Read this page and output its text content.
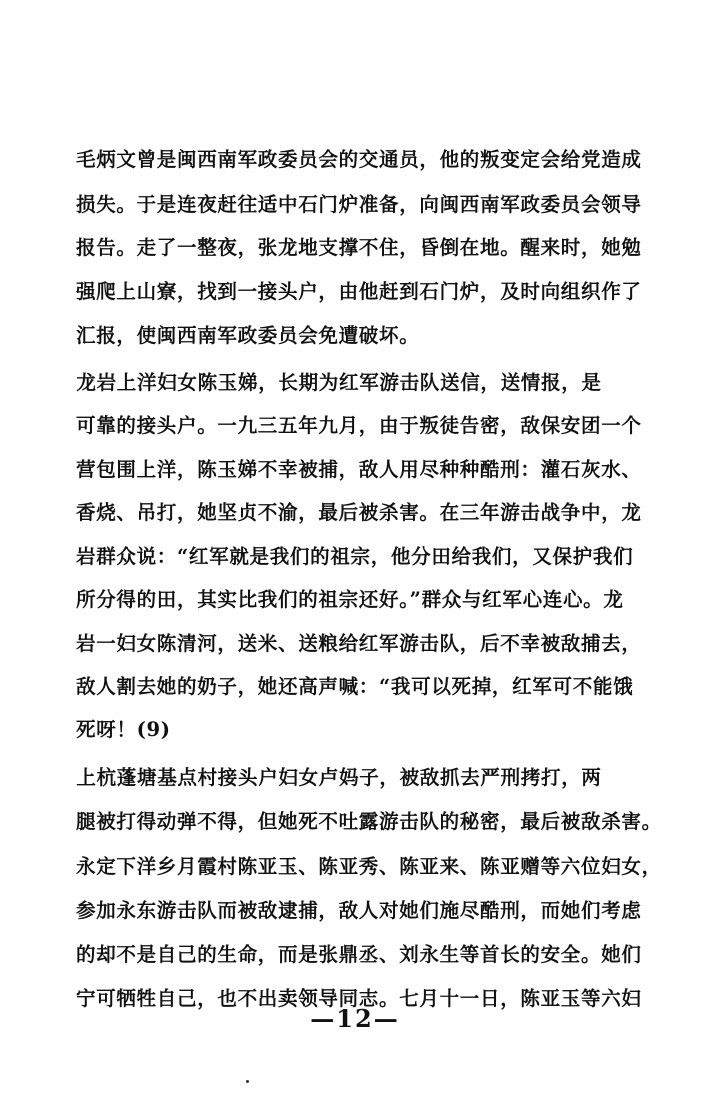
毛炳文曾是闽西南军政委员会的交通员，他的叛变定会给党造成
损失。于是连夜赶往适中石门炉准备，向闽西南军政委员会领导
报告。走了一整夜，张龙地支撑不住，昏倒在地。醒来时，她勉
强爬上山寮，找到一接头户，由他赶到石门炉，及时向组织作了
汇报，使闽西南军政委员会免遭破坏。
　　龙岩上洋妇女陈玉娣，长期为红军游击队送信，送情报，是
可靠的接头户。一九三五年九月，由于叛徒告密，敌保安团一个
营包围上洋，陈玉娣不幸被捕，敌人用尽种种酷刑：灌石灰水、
香烧、吊打，她坚贞不渝，最后被杀害。在三年游击战争中，龙
岩群众说：“红军就是我们的祖宗，他分田给我们，又保护我们
所分得的田，其实比我们的祖宗还好。”群众与红军心连心。龙
岩一妇女陈清河，送米、送粮给红军游击队，后不幸被敌捕去，
敌人割去她的奶子，她还高声喊：“我可以死掉，红军可不能饿
死呀！(9)
　　上杭蓬塘基点村接头户妇女卢妈子，被敌抓去严刑拷打，两
腿被打得动弹不得，但她死不吐露游击队的秘密，最后被敌杀害。
永定下洋乡月霞村陈亚玉、陈亚秀、陈亚来、陈亚赠等六位妇女，
参加永东游击队而被敌逮捕，敌人对她们施尽酷刑，而她们考虑
的却不是自己的生命，而是张鼎丞、刘永生等首长的安全。她们
宁可牺牲自己，也不出卖领导同志。七月十一日，陈亚玉等六妇
—12—
